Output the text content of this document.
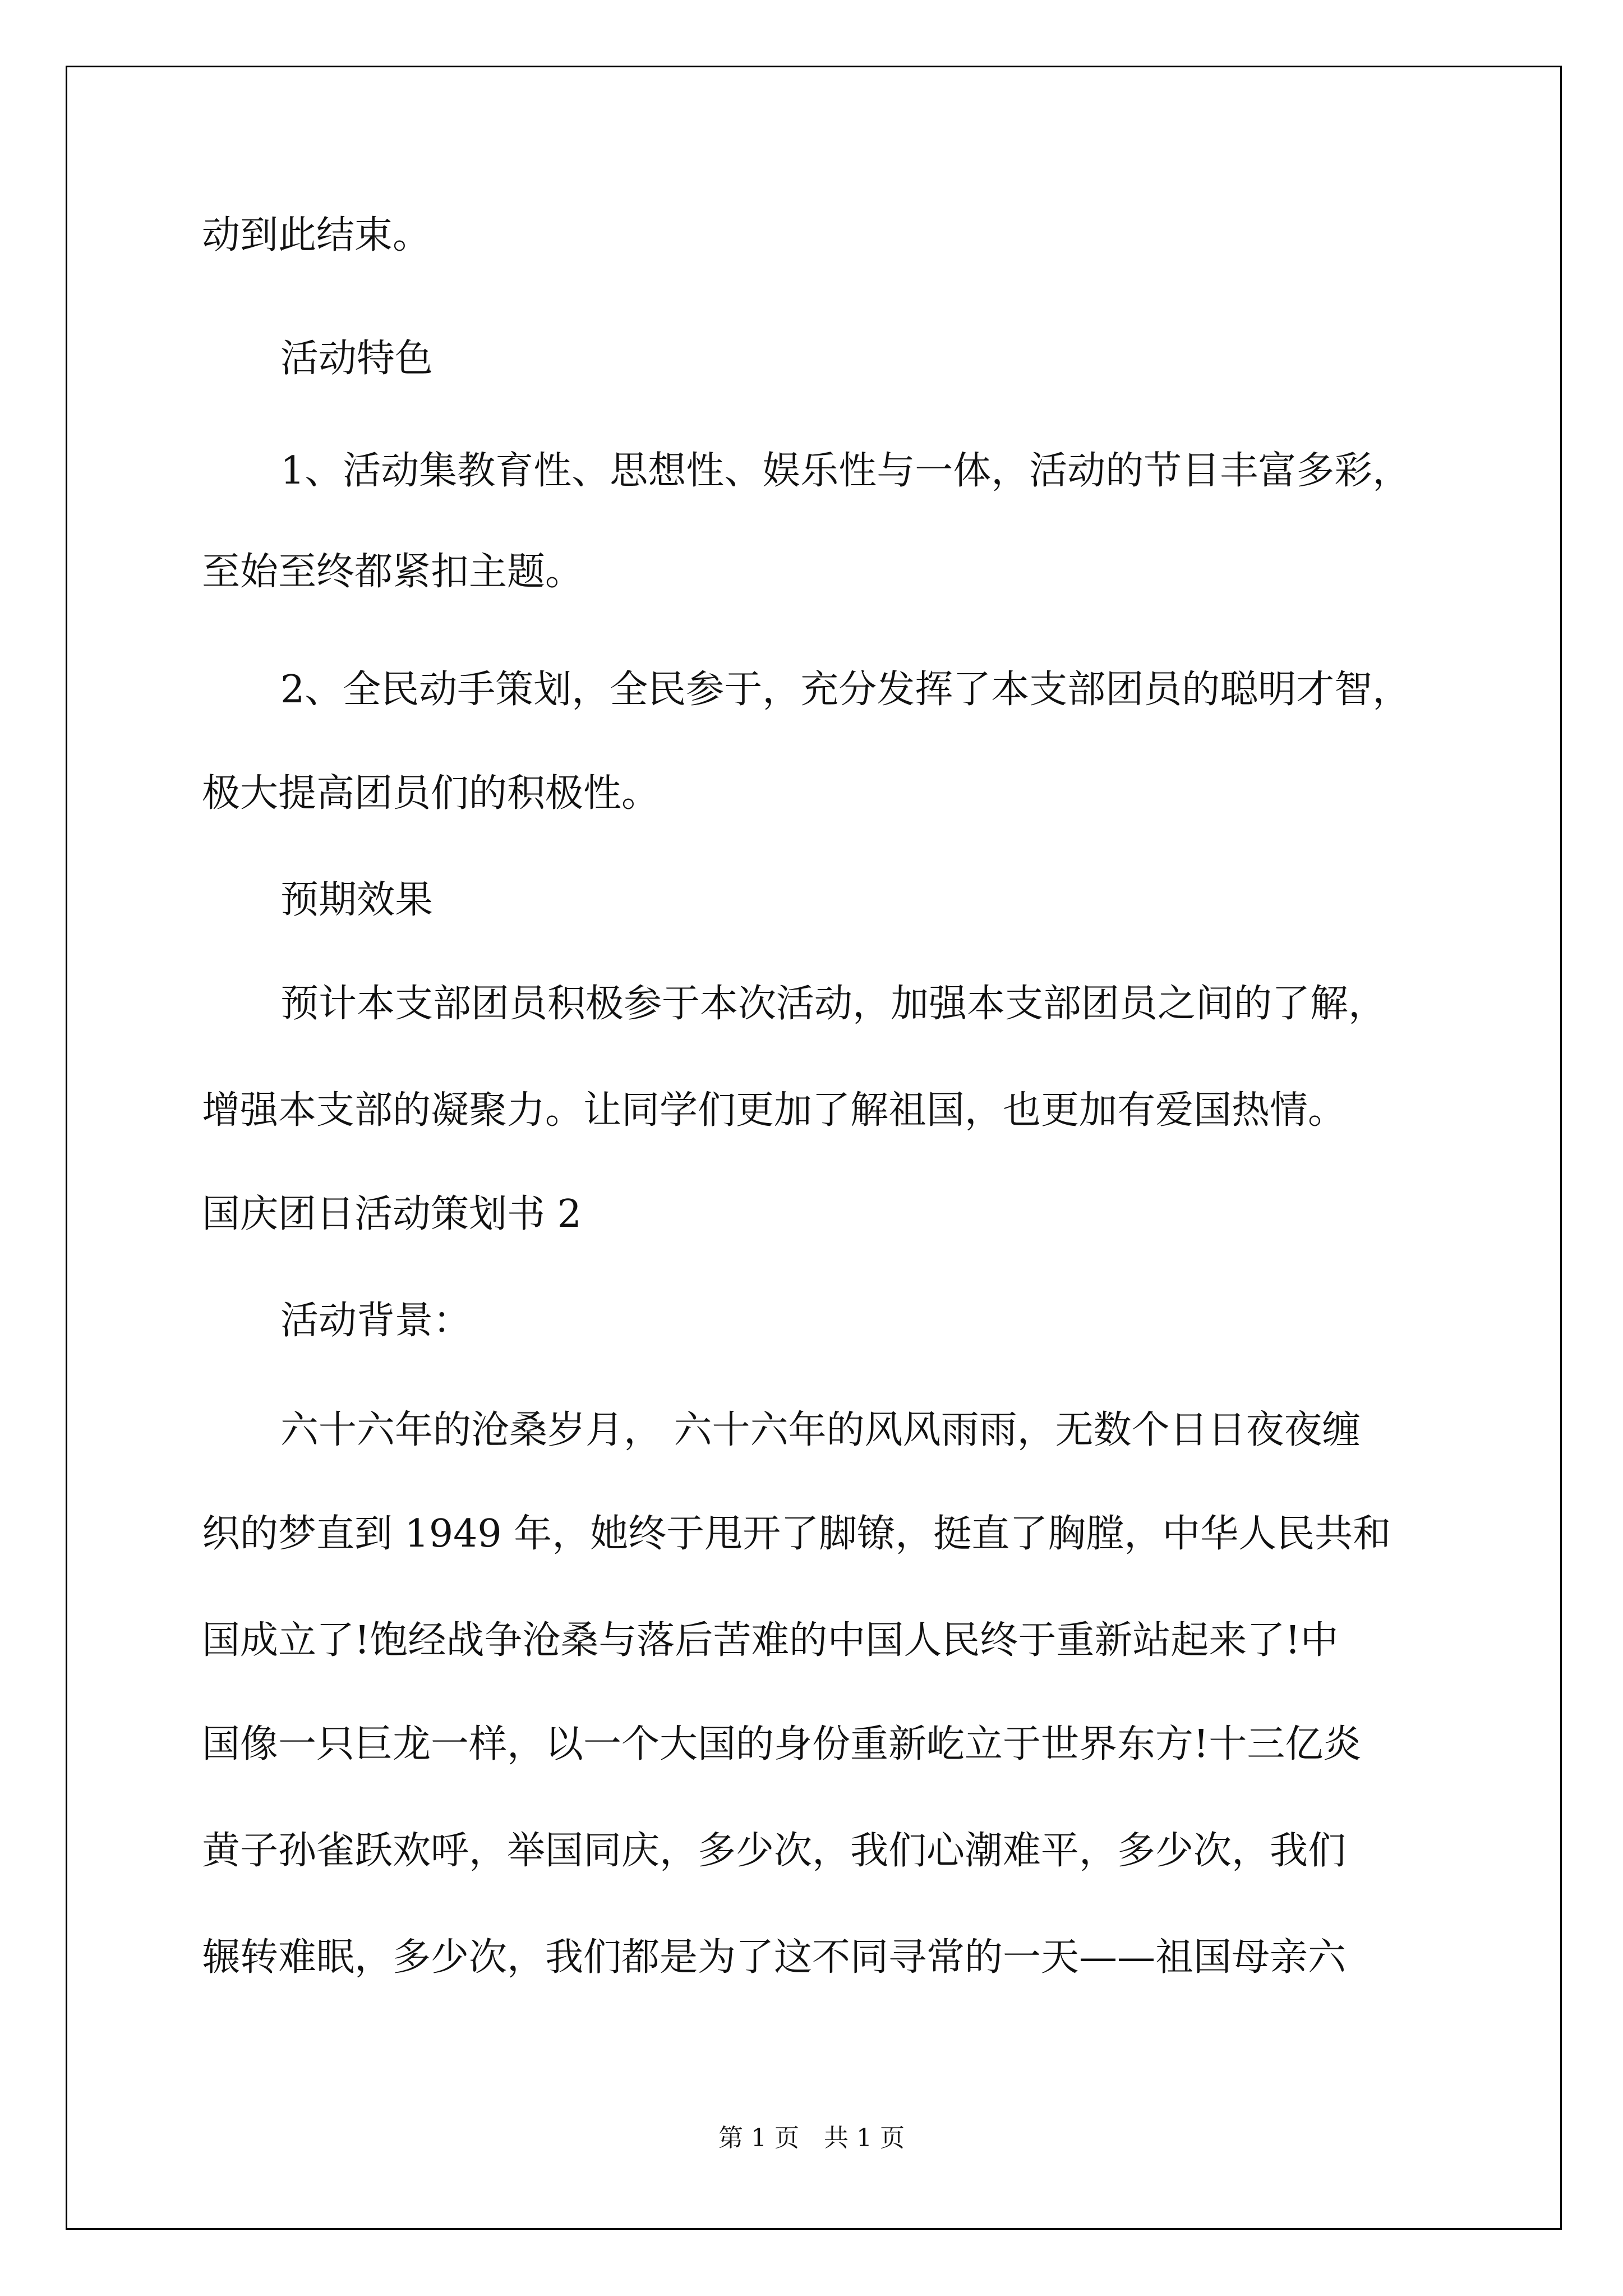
动到此结束。
活动特色
1、活动集教育性、思想性、娱乐性与一体，活动的节目丰富多彩，
至始至终都紧扣主题。
2、全民动手策划，全民参于，充分发挥了本支部团员的聪明才智，
极大提高团员们的积极性。
预期效果
预计本支部团员积极参于本次活动，加强本支部团员之间的了解，
增强本支部的凝聚力。让同学们更加了解祖国，也更加有爱国热情。
国庆团日活动策划书 2
活动背景：
六十六年的沧桑岁月， 六十六年的风风雨雨，无数个日日夜夜缠
织的梦直到 1949 年，她终于甩开了脚镣，挺直了胸膛，中华人民共和
国成立了!饱经战争沧桑与落后苦难的中国人民终于重新站起来了!中
国像一只巨龙一样，以一个大国的身份重新屹立于世界东方!十三亿炎
黄子孙雀跃欢呼，举国同庆，多少次，我们心潮难平，多少次，我们
辗转难眠，多少次，我们都是为了这不同寻常的一天——祖国母亲六
第 1 页　共 1 页
